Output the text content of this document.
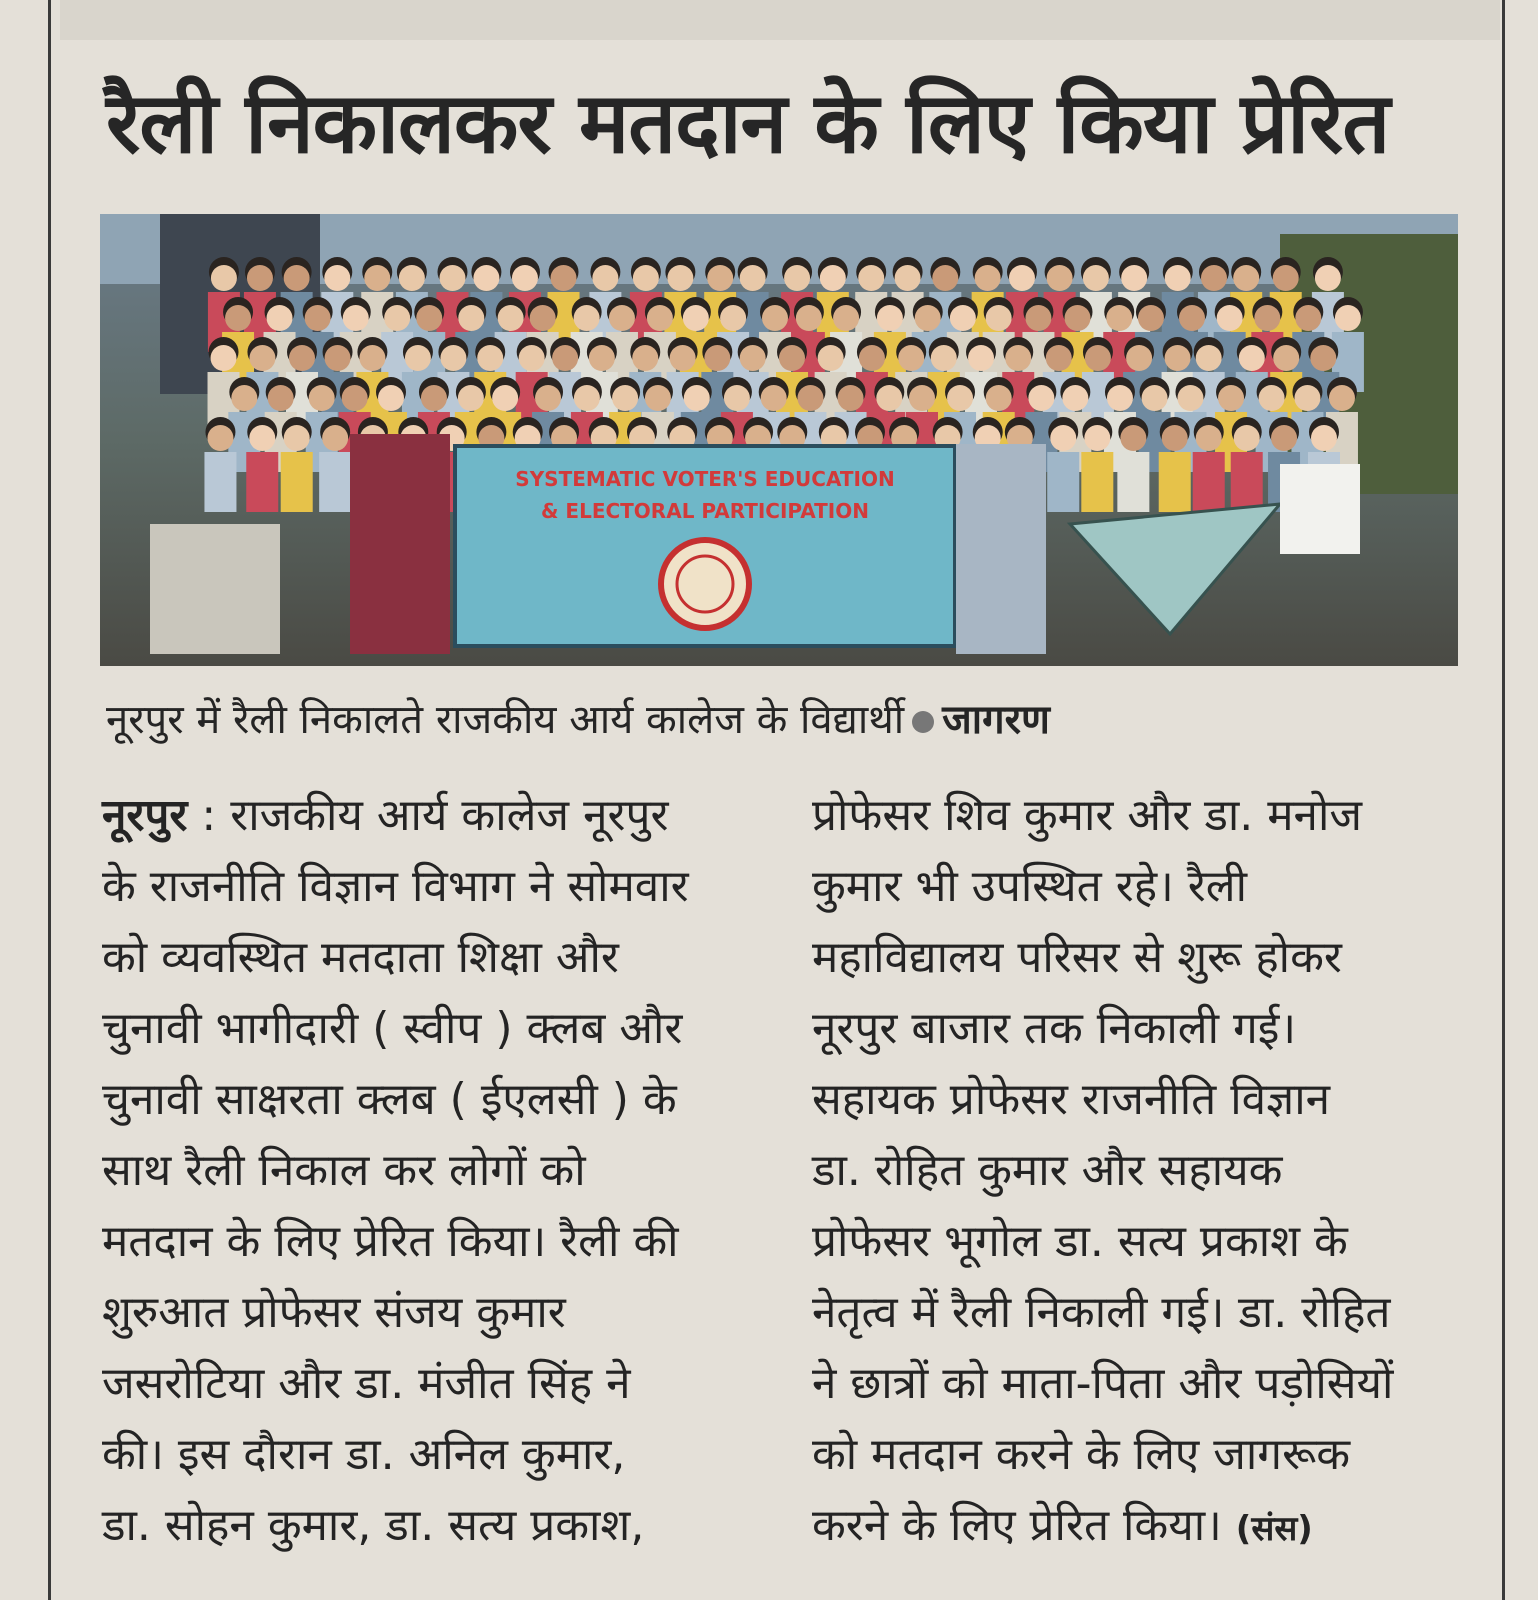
रैली निकालकर मतदान के लिए किया प्रेरित
SYSTEMATIC VOTER'S EDUCATION
& ELECTORAL PARTICIPATION
नूरपुर में रैली निकालते राजकीय आर्य कालेज के विद्यार्थी जागरण
नूरपुर : राजकीय आर्य कालेज नूरपुर
के राजनीति विज्ञान विभाग ने सोमवार
को व्यवस्थित मतदाता शिक्षा और
चुनावी भागीदारी ( स्वीप ) क्लब और
चुनावी साक्षरता क्लब ( ईएलसी ) के
साथ रैली निकाल कर लोगों को
मतदान के लिए प्रेरित किया। रैली की
शुरुआत प्रोफेसर संजय कुमार
जसरोटिया और डा. मंजीत सिंह ने
की। इस दौरान डा. अनिल कुमार,
डा. सोहन कुमार, डा. सत्य प्रकाश,
प्रोफेसर शिव कुमार और डा. मनोज
कुमार भी उपस्थित रहे। रैली
महाविद्यालय परिसर से शुरू होकर
नूरपुर बाजार तक निकाली गई।
सहायक प्रोफेसर राजनीति विज्ञान
डा. रोहित कुमार और सहायक
प्रोफेसर भूगोल डा. सत्य प्रकाश के
नेतृत्व में रैली निकाली गई। डा. रोहित
ने छात्रों को माता-पिता और पड़ोसियों
को मतदान करने के लिए जागरूक
करने के लिए प्रेरित किया। (संस)
